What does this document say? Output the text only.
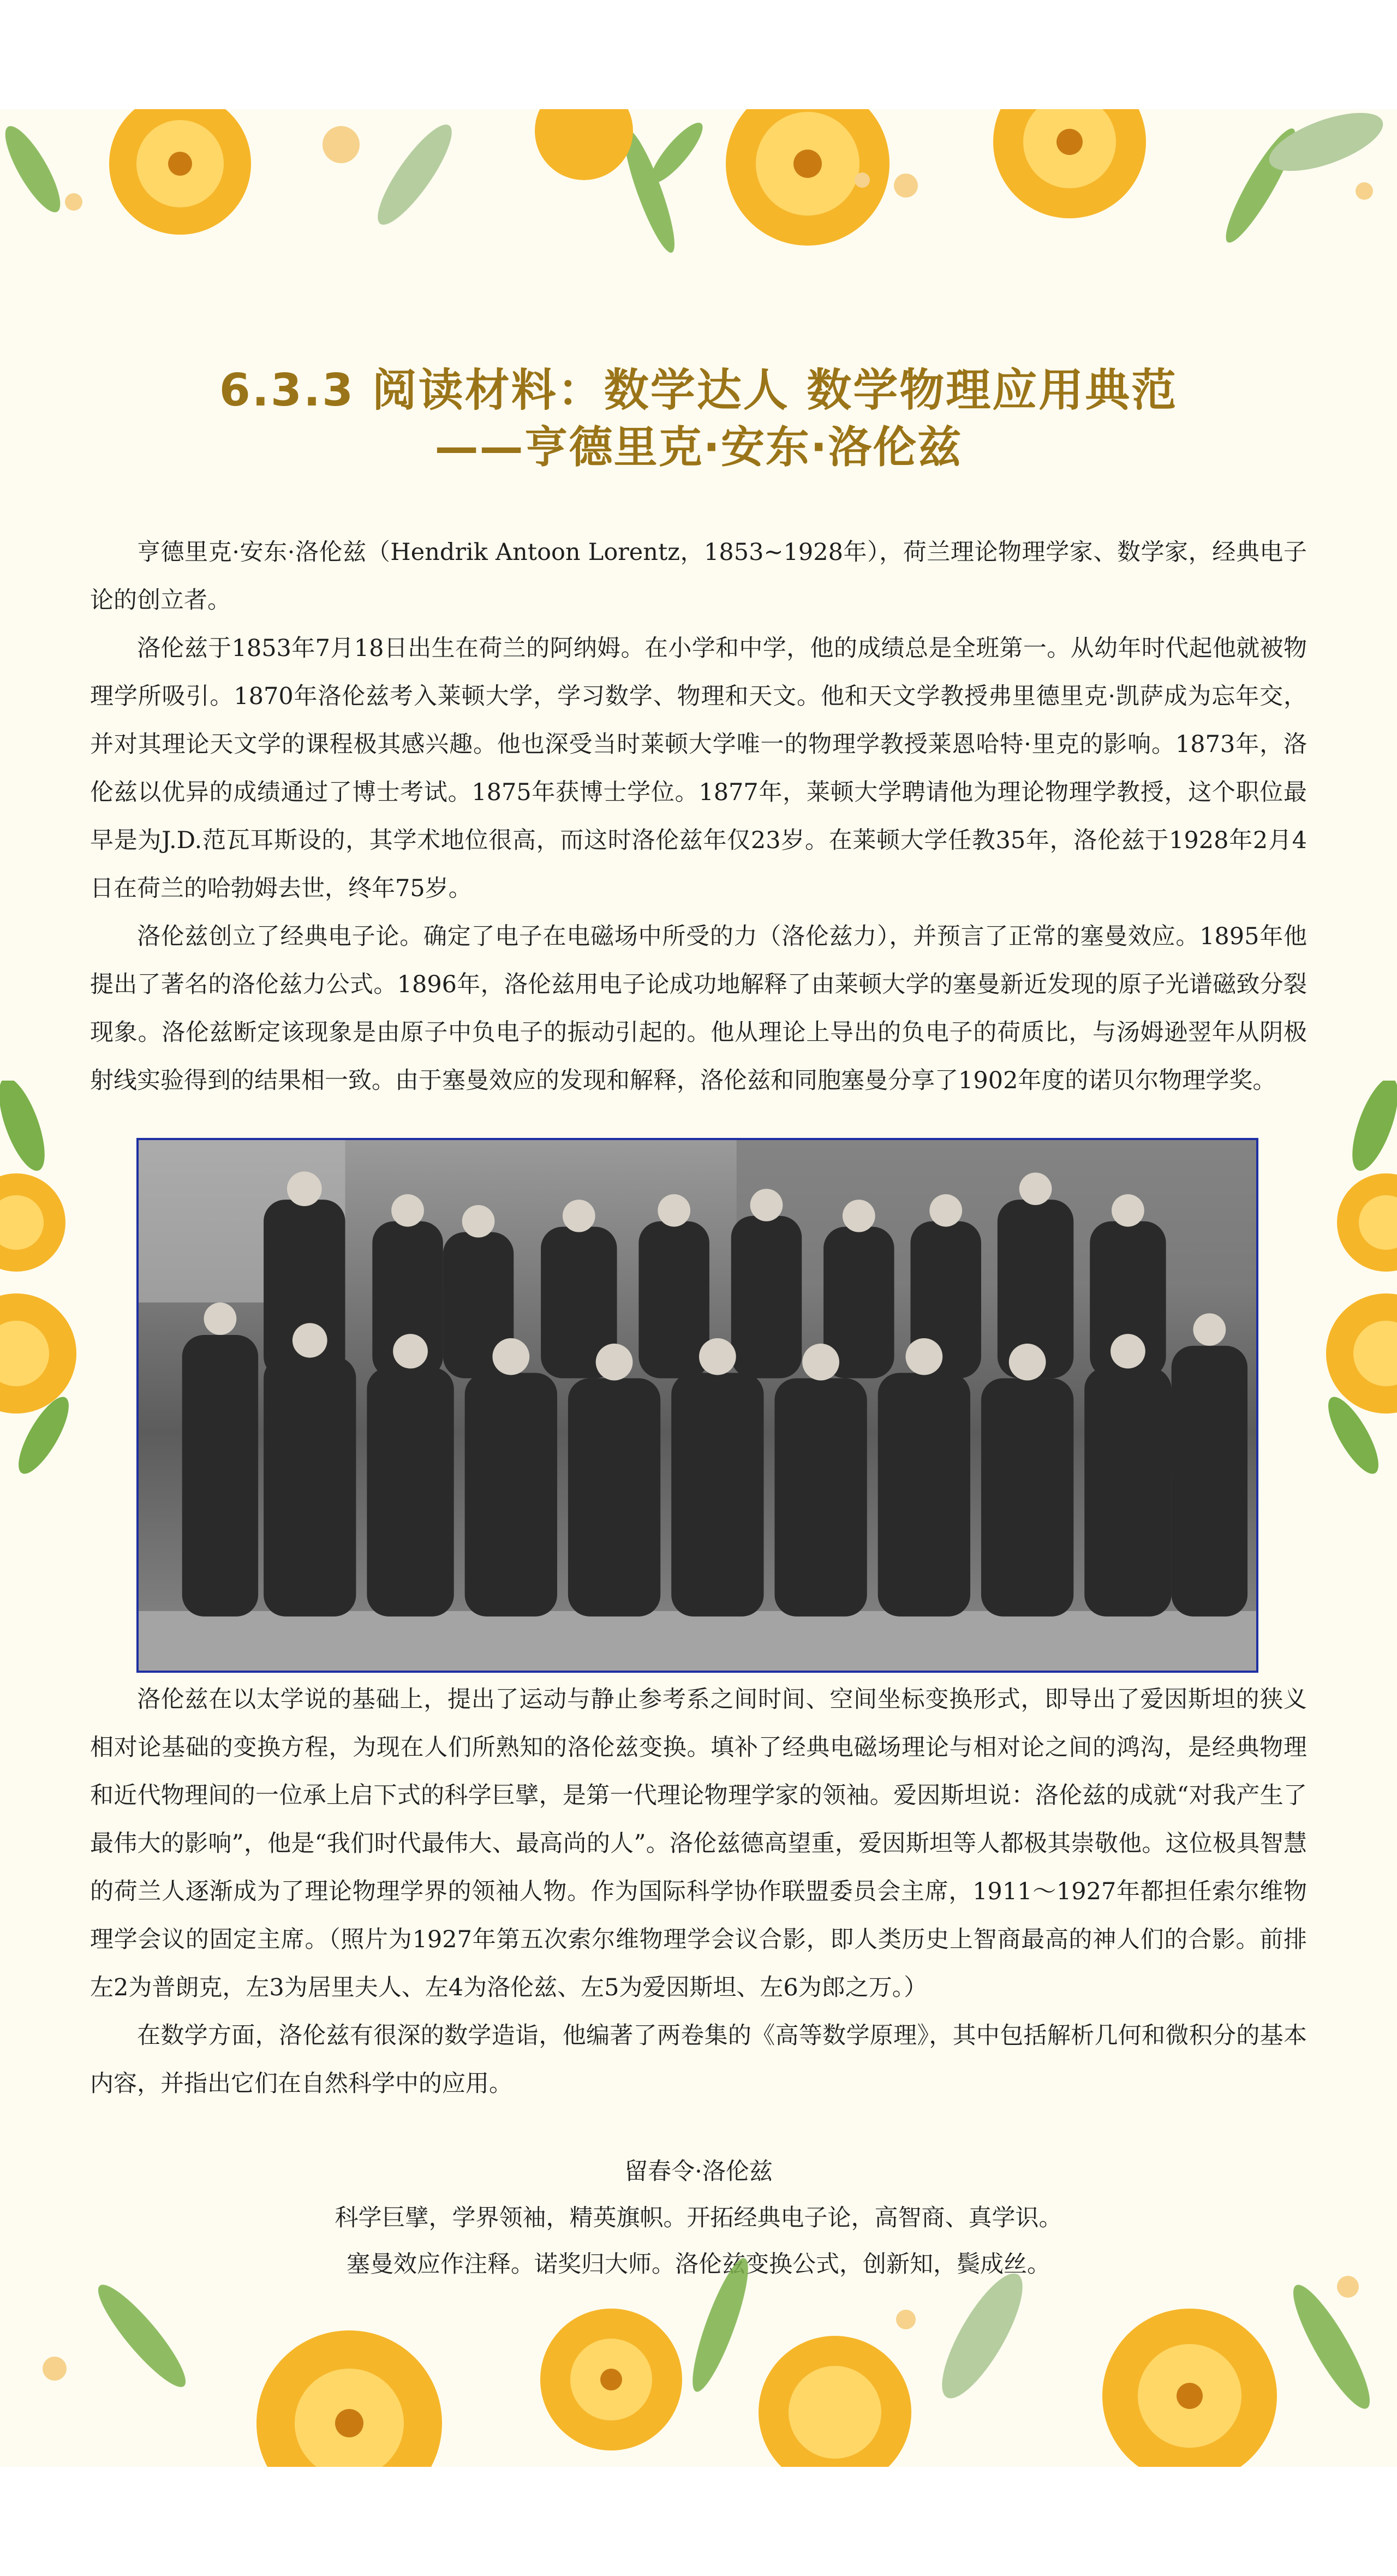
6.3.3 阅读材料：数学达人 数学物理应用典范
——亨德里克·安东·洛伦兹

亨德里克·安东·洛伦兹（Hendrik Antoon Lorentz，1853~1928年），荷兰理论物理学家、数学家，经典电子论的创立者。

洛伦兹于1853年7月18日出生在荷兰的阿纳姆。在小学和中学，他的成绩总是全班第一。从幼年时代起他就被物理学所吸引。1870年洛伦兹考入莱顿大学，学习数学、物理和天文。他和天文学教授弗里德里克·凯萨成为忘年交，并对其理论天文学的课程极其感兴趣。他也深受当时莱顿大学唯一的物理学教授莱恩哈特·里克的影响。1873年，洛伦兹以优异的成绩通过了博士考试。1875年获博士学位。1877年，莱顿大学聘请他为理论物理学教授，这个职位最早是为J.D.范瓦耳斯设的，其学术地位很高，而这时洛伦兹年仅23岁。在莱顿大学任教35年，洛伦兹于1928年2月4日在荷兰的哈勃姆去世，终年75岁。

洛伦兹创立了经典电子论。确定了电子在电磁场中所受的力（洛伦兹力），并预言了正常的塞曼效应。1895年他提出了著名的洛伦兹力公式。1896年，洛伦兹用电子论成功地解释了由莱顿大学的塞曼新近发现的原子光谱磁致分裂现象。洛伦兹断定该现象是由原子中负电子的振动引起的。他从理论上导出的负电子的荷质比，与汤姆逊翌年从阴极射线实验得到的结果相一致。由于塞曼效应的发现和解释，洛伦兹和同胞塞曼分享了1902年度的诺贝尔物理学奖。

洛伦兹在以太学说的基础上，提出了运动与静止参考系之间时间、空间坐标变换形式，即导出了爱因斯坦的狭义相对论基础的变换方程，为现在人们所熟知的洛伦兹变换。填补了经典电磁场理论与相对论之间的鸿沟，是经典物理和近代物理间的一位承上启下式的科学巨擘，是第一代理论物理学家的领袖。爱因斯坦说：洛伦兹的成就“对我产生了最伟大的影响”，他是“我们时代最伟大、最高尚的人”。洛伦兹德高望重，爱因斯坦等人都极其崇敬他。这位极具智慧的荷兰人逐渐成为了理论物理学界的领袖人物。作为国际科学协作联盟委员会主席，1911～1927年都担任索尔维物理学会议的固定主席。（照片为1927年第五次索尔维物理学会议合影，即人类历史上智商最高的神人们的合影。前排左2为普朗克，左3为居里夫人、左4为洛伦兹、左5为爱因斯坦、左6为郎之万。）

在数学方面，洛伦兹有很深的数学造诣，他编著了两卷集的《高等数学原理》，其中包括解析几何和微积分的基本内容，并指出它们在自然科学中的应用。

留春令·洛伦兹
科学巨擘，学界领袖，精英旗帜。开拓经典电子论，高智商、真学识。
塞曼效应作注释。诺奖归大师。洛伦兹变换公式，创新知，鬓成丝。
